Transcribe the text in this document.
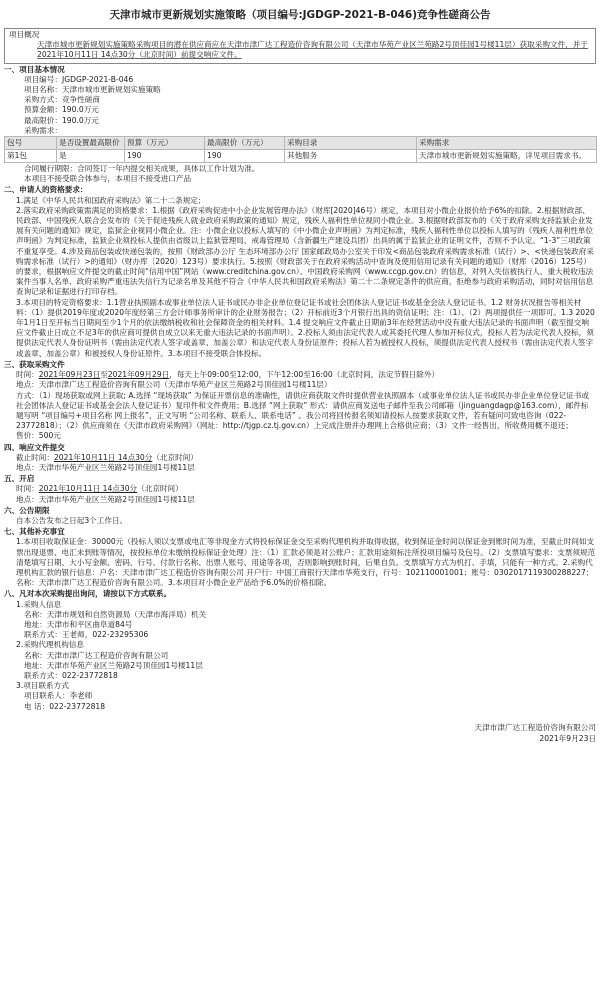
天津市城市更新规划实施策略（项目编号:JGDGP-2021-B-046)竞争性磋商公告
项目概况
天津市城市更新规划实施策略采购项目的潜在供应商应在天津市津广达工程造价咨询有限公司（天津市华苑产业区兰苑路2号顶佳园1号楼11层）获取采购文件，并于2021年10月11日 14点30分（北京时间）前提交响应文件。
一、项目基本情况
项目编号：JGDGP-2021-B-046
项目名称：天津市城市更新规划实施策略
采购方式：竞争性磋商
预算金额：190.0万元
最高限价：190.0万元
采购需求：
包号	是否设置最高限价	预算（万元）	最高限价（万元）	采购目录	采购需求
第1包	是	190	190	其他服务	天津市城市更新规划实施策略，详见项目需求书。
合同履行期限：合同签订一年内提交相关成果，具体以工作计划为准。
本项目不接受联合体参与，本项目不接受进口产品
二、申请人的资格要求：
1.满足《中华人民共和国政府采购法》第二十二条规定；
2.落实政府采购政策需满足的资格要求：1.根据《政府采购促进中小企业发展管理办法》（财库[2020]46号）规定，本项目对小微企业报价给予6%的扣除。2.根据财政部、民政部、中国残疾人联合会发布的《关于促进残疾人就业政府采购政策的通知》规定，残疾人福利性单位视同小微企业。3.根据财政部发布的《关于政府采购支持监狱企业发展有关问题的通知》规定，监狱企业视同小微企业。注：小微企业以投标人填写的《中小微企业声明函》为判定标准，残疾人福利性单位以投标人填写的《残疾人福利性单位声明函》为判定标准，监狱企业须投标人提供由省级以上监狱管理局、戒毒管理局（含新疆生产建设兵团）出具的属于监狱企业的证明文件，否则不予认定。“1-3”三项政策不重复享受。4.涉及商品包装或快递包装的，按照《财政部办公厅 生态环境部办公厅 国家邮政局办公室关于印发<商品包装政府采购需求标准（试行）>、<快递包装政府采购需求标准（试行）>的通知》（财办库〔2020〕123号）要求执行。5.按照《财政部关于在政府采购活动中查询及使用信用记录有关问题的通知》（财库（2016）125号）的要求，根据响应文件提交的截止时间“信用中国”网站（www.creditchina.gov.cn）、中国政府采购网（www.ccgp.gov.cn）的信息，对列入失信被执行人、重大税收违法案件当事人名单、政府采购严重违法失信行为记录名单及其他不符合《中华人民共和国政府采购法》第二十二条规定条件的供应商，拒绝参与政府采购活动，同时对信用信息查询记录和证据进行打印存档。
3.本项目的特定资格要求：1.1营业执照副本或事业单位法人证书或民办非企业单位登记证书或社会团体法人登记证书或基金会法人登记证书。1.2 财务状况报告等相关材料：（1）提供2019年度或2020年度经第三方会计师事务所审计的企业财务报告；（2）开标前近3个月银行出具的资信证明；注：（1）、（2）两项提供任一项即可。1.3 2020年1月1日至开标当日期间至少1个月的依法缴纳税收和社会保障资金的相关材料。1.4 提交响应文件截止日期前3年在经营活动中没有重大违法记录的书面声明（截至提交响应文件截止日成立不足3年的供应商可提供自成立以来无重大违法记录的书面声明）。2.投标人须由法定代表人或其委托代理人参加开标仪式，投标人若为法定代表人投标，须提供法定代表人身份证明书（需由法定代表人签字或盖章、加盖公章）和法定代表人身份证原件；投标人若为被授权人投标，须提供法定代表人授权书（需由法定代表人签字或盖章、加盖公章）和被授权人身份证原件。3.本项目不接受联合体投标。
三、获取采购文件
时间：2021年09月23日至2021年09月29日，每天上午09:00至12:00，下午12:00至16:00（北京时间，法定节假日除外）
地点：天津市津广达工程造价咨询有限公司（天津市华苑产业区兰苑路2号顶佳园1号楼11层）
方式：（1）现场获取或网上获取; A.选择 “现场获取” 为保证开票信息的准确性，请供应商获取文件时提供营业执照副本（或事业单位法人证书或民办非企业单位登记证书或社会团体法人登记证书或基金会法人登记证书）复印件和文件费用；B.选择 “网上获取” 形式：请供应商发送电子邮件至我公司邮箱（jinguangdagp@163.com），邮件标题写明 “项目编号+项目名称 网上报名”，正文写明 “公司名称、联系人、联系电话” 。我公司将回传报名须知请投标人按要求获取文件，若有疑问可致电咨询（022-23772818）；（2）供应商须在《天津市政府采购网》（网址：http://tjgp.cz.tj.gov.cn）上完成注册并办理网上合格供应商；（3）文件一经售出，所收费用概不退还；
售价：500元
四、响应文件提交
截止时间：2021年10月11日 14点30分（北京时间）
地点：天津市华苑产业区兰苑路2号顶佳园1号楼11层
五、开启
时间：2021年10月11日 14点30分（北京时间）
地点：天津市华苑产业区兰苑路2号顶佳园1号楼11层
六、公告期限
自本公告发布之日起3个工作日。
七、其他补充事宜
1.本项目收取保证金：30000元（投标人须以支票或电汇等非现金方式将投标保证金交至采购代理机构并取得收据，收到保证金时间以保证金到账时间为准，至截止时间如支票出现退票、电汇未到账等情况，按投标单位未缴纳投标保证金处理）注：（1）汇款必须是对公账户；汇款用途须标注所投项目编号及包号。（2）支票填写要求：支票须规范清楚填写日期、大小写金额、密码、行号、付款行名称、出票人账号、用途等各项，否则影响到账时间，后果自负。支票填写方式为机打、手填，只能有一种方式。2.采购代理机构汇款的银行信息：户名：天津市津广达工程造价咨询有限公司 开户行：中国工商银行天津市华苑支行，行号：102110001001；账号：0302017119300288227；名称：天津市津广达工程造价咨询有限公司。3.本项目对小微企业产品给予6.0%的价格扣除。
八、凡对本次采购提出询问，请按以下方式联系。
1.采购人信息
名称：天津市规划和自然资源局（天津市海洋局）机关
地址：天津市和平区曲阜道84号
联系方式：王老师，022-23295306
2.采购代理机构信息
名称：天津市津广达工程造价咨询有限公司
地址：天津市华苑产业区兰苑路2号顶佳园1号楼11层
联系方式：022-23772818
3.项目联系方式
项目联系人：李老师
电 话：022-23772818
天津市津广达工程造价咨询有限公司
2021年9月23日
